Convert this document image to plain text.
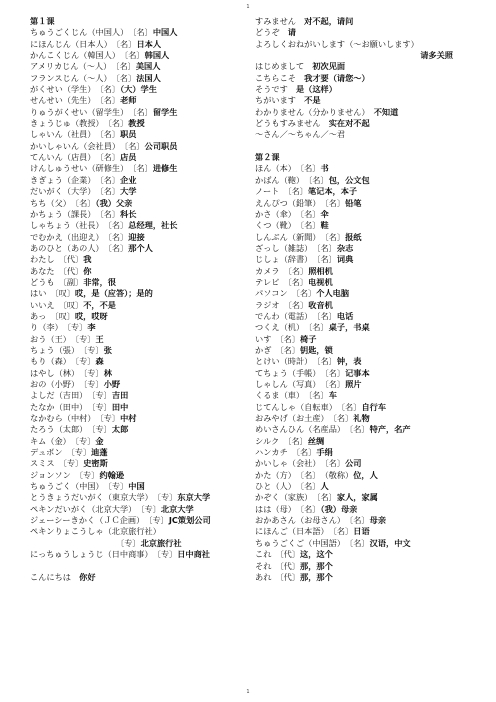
1
第１课
ちゅうごくじん（中国人）　〔名〕中国人
にほんじん（日本人）　〔名〕日本人
かんこくじん（韓国人）　〔名〕韩国人
アメリカじん（～人）　〔名〕美国人
フランスじん（～人）　〔名〕法国人
がくせい（学生）　〔名〕（大）学生
せんせい（先生）　〔名〕老师
りゅうがくせい（留学生）　〔名〕留学生
きょうじゅ（教授）　〔名〕教授
しゃいん（社員）　〔名〕职员
かいしゃいん（会社員）　〔名〕公司职员
てんいん（店員）　〔名〕店员
けんしゅうせい（研修生）　〔名〕进修生
きぎょう（企業）　〔名〕企业
だいがく（大学）　〔名〕大学
ちち（父）　〔名〕（我）父亲
かちょう（課長）　〔名〕科长
しゃちょう（社長）　〔名〕总经理，社长
でむかえ（出迎え）　〔名〕迎接
あのひと（あの人）　〔名〕那个人
わたし　〔代〕我
あなた　〔代〕你
どうも　〔副〕非常，很
はい　〔叹〕哎，是（应答）；是的
いいえ　〔叹〕不，不是
あっ　〔叹〕哎，哎呀
り（李）　〔专〕李
おう（王）　〔专〕王
ちょう（張）　〔专〕张
もり（森）　〔专〕森
はやし（林）　〔专〕林
おの（小野）　〔专〕小野
よしだ（吉田）　〔专〕吉田
たなか（田中）　〔专〕田中
なかむら（中村）　〔专〕中村
たろう（太郎）　〔专〕太郎
キム（金）　〔专〕金
デュボン　〔专〕迪蓬
スミス　〔专〕史密斯
ジョンソン　〔专〕约翰逊
ちゅうごく（中国）　〔专〕中国
とうきょうだいがく（東京大学）　〔专〕东京大学
ペキンだいがく（北京大学）　〔专〕北京大学
ジェーシーきかく（ＪＣ企画）　〔专〕JC策划公司
ペキンりょこうしゃ（北京旅行社）
〔专〕北京旅行社
にっちゅうしょうじ（日中商事）　〔专〕日中商社
こんにちは　你好
すみません　对不起，请问
どうぞ　请
よろしくおねがいします（～お願いします）
请多关照
はじめまして　初次见面
こちらこそ　我才要（请您～）
そうです　是（这样）
ちがいます　不是
わかりません（分かりません）　不知道
どうもすみません　实在对不起
～さん／～ちゃん／～君
第２课
ほん（本）　〔名〕书
かばん（鞄）　〔名〕包，公文包
ノート　〔名〕笔记本，本子
えんぴつ（鉛筆）　〔名〕铅笔
かさ（傘）　〔名〕伞
くつ（靴）　〔名〕鞋
しんぶん（新聞）　〔名〕报纸
ざっし（雑誌）　〔名〕杂志
じしょ（辞書）　〔名〕词典
カメラ　〔名〕照相机
テレビ　〔名〕电视机
パソコン　〔名〕个人电脑
ラジオ　〔名〕收音机
でんわ（電話）　〔名〕电话
つくえ（机）　〔名〕桌子，书桌
いす　〔名〕椅子
かぎ　〔名〕钥匙，锁
とけい（時計）　〔名〕钟，表
てちょう（手帳）　〔名〕记事本
しゃしん（写真）　〔名〕照片
くるま（車）　〔名〕车
じてんしゃ（自転車）　〔名〕自行车
おみやげ（お土産）　〔名〕礼物
めいさんひん（名産品）　〔名〕特产，名产
シルク　〔名〕丝绸
ハンカチ　〔名〕手绢
かいしゃ（会社）　〔名〕公司
かた（方）　〔名〕　（敬称）位，人
ひと（人）　〔名〕人
かぞく（家族）　〔名〕家人，家属
はは（母）　〔名〕（我）母亲
おかあさん（お母さん）　〔名〕母亲
にほんご（日本語）　〔名〕日语
ちゅうごくご（中国語）　〔名〕汉语，中文
これ　〔代〕这，这个
それ　〔代〕那，那个
あれ　〔代〕那，那个
1
